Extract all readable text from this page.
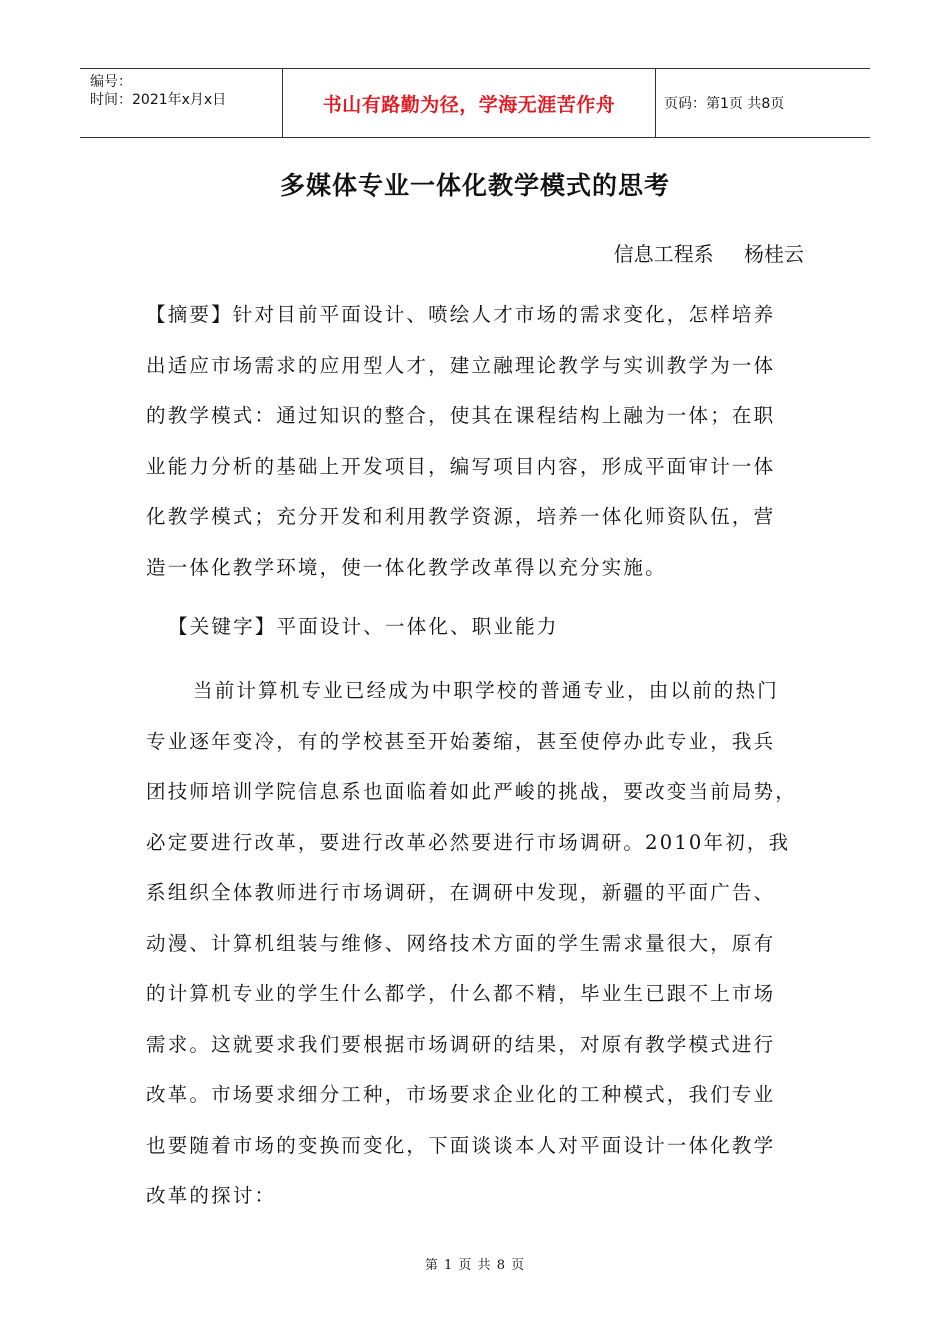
编号：
时间：2021年x月x日	书山有路勤为径，学海无涯苦作舟	页码：第1页 共8页
多媒体专业一体化教学模式的思考
信息工程系 杨桂云
【摘要】针对目前平面设计、喷绘人才市场的需求变化，怎样培养
出适应市场需求的应用型人才，建立融理论教学与实训教学为一体
的教学模式：通过知识的整合，使其在课程结构上融为一体；在职
业能力分析的基础上开发项目，编写项目内容，形成平面审计一体
化教学模式；充分开发和利用教学资源，培养一体化师资队伍，营
造一体化教学环境，使一体化教学改革得以充分实施。
【关键字】平面设计、一体化、职业能力
当前计算机专业已经成为中职学校的普通专业，由以前的热门
专业逐年变冷，有的学校甚至开始萎缩，甚至使停办此专业，我兵
团技师培训学院信息系也面临着如此严峻的挑战，要改变当前局势，
必定要进行改革，要进行改革必然要进行市场调研。2010年初，我
系组织全体教师进行市场调研，在调研中发现，新疆的平面广告、
动漫、计算机组装与维修、网络技术方面的学生需求量很大，原有
的计算机专业的学生什么都学，什么都不精，毕业生已跟不上市场
需求。这就要求我们要根据市场调研的结果，对原有教学模式进行
改革。市场要求细分工种，市场要求企业化的工种模式，我们专业
也要随着市场的变换而变化，下面谈谈本人对平面设计一体化教学
改革的探讨：
第 1 页 共 8 页
